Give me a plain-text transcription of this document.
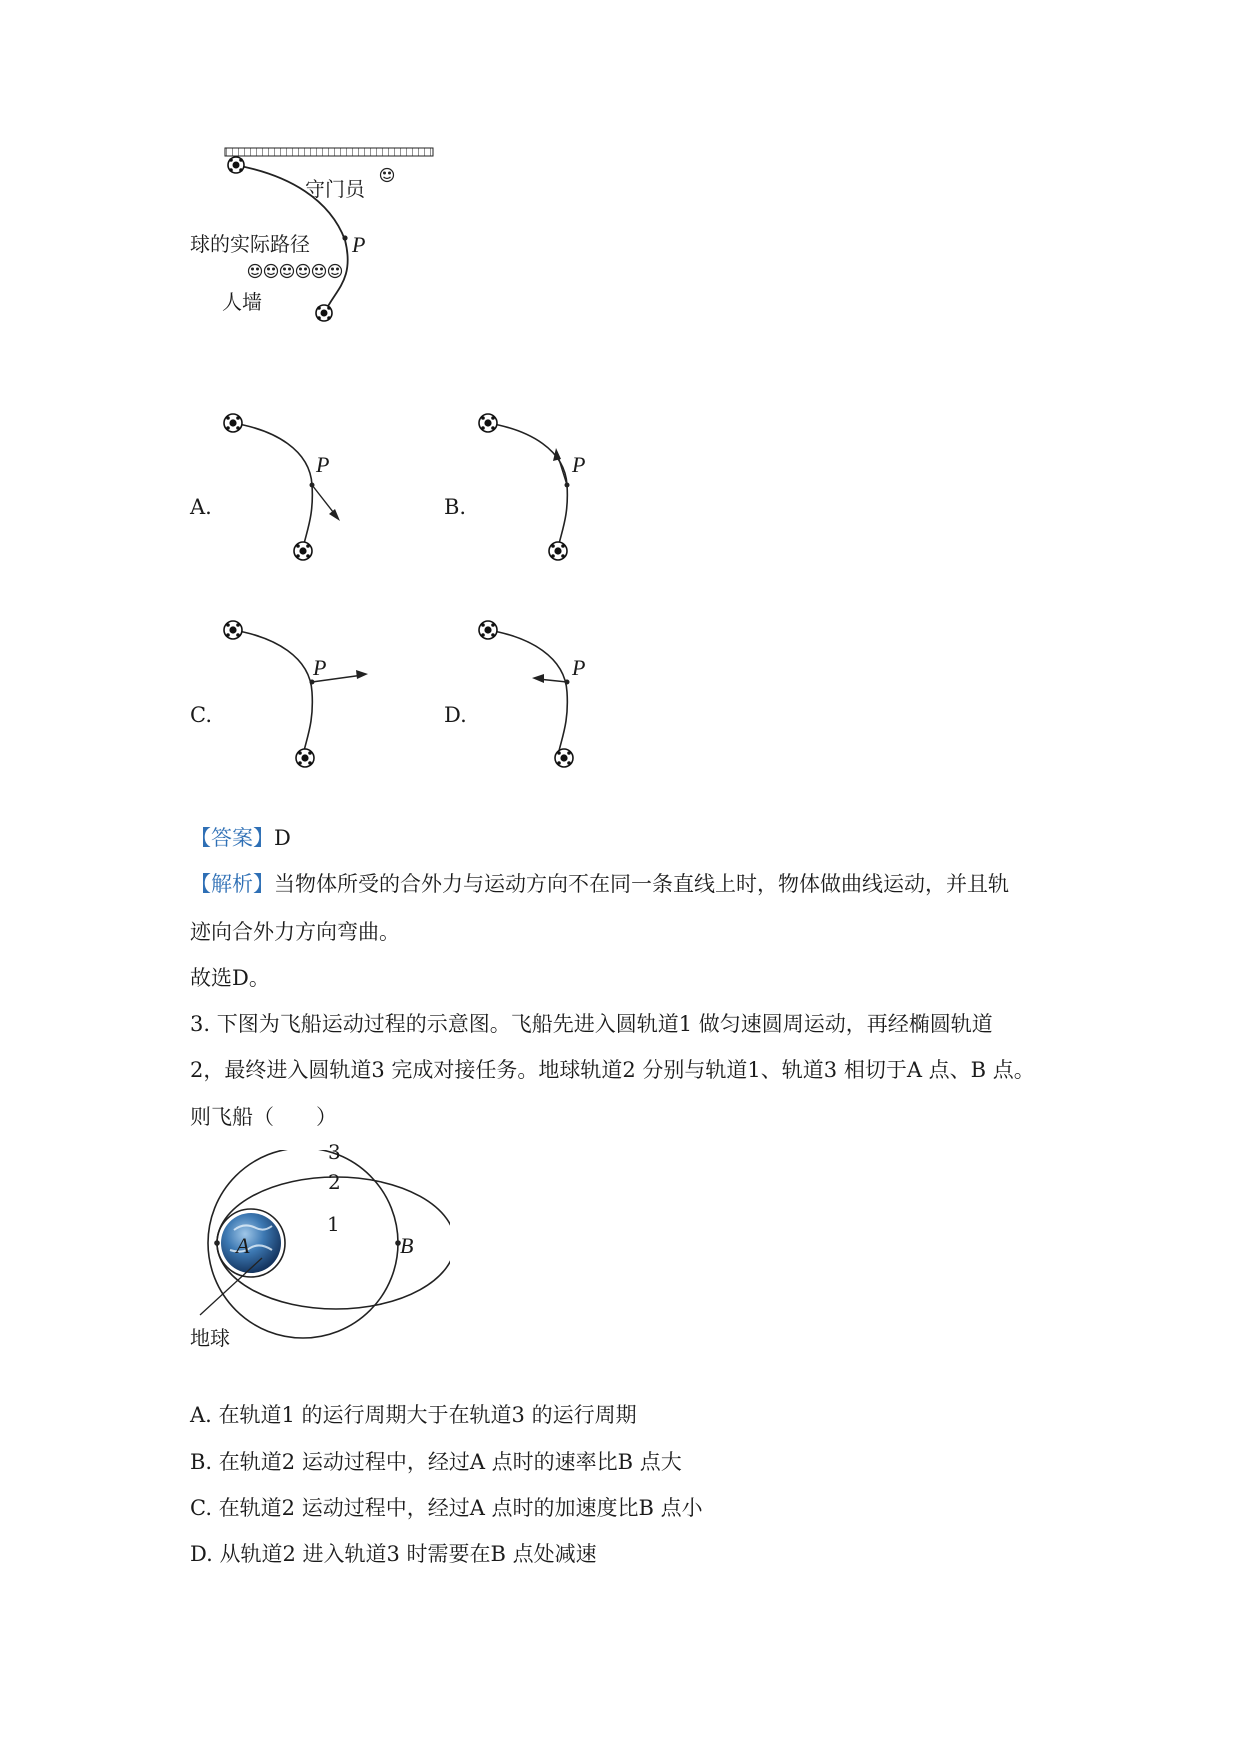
守门员
球的实际路径 P
人墙
P
A.
P
B.
P
C.
P
D.
【答案】D
【解析】当物体所受的合外力与运动方向不在同一条直线上时，物体做曲线运动，并且轨
迹向合外力方向弯曲。
故选D。
3. 下图为飞船运动过程的示意图。飞船先进入圆轨道1 做匀速圆周运动，再经椭圆轨道
2，最终进入圆轨道3 完成对接任务。地球轨道2 分别与轨道1、轨道3 相切于A 点、B 点。
则飞船（　　）
3
2
1
A	B
地球
A. 在轨道1 的运行周期大于在轨道3 的运行周期
B. 在轨道2 运动过程中，经过A 点时的速率比B 点大
C. 在轨道2 运动过程中，经过A 点时的加速度比B 点小
D. 从轨道2 进入轨道3 时需要在B 点处减速
